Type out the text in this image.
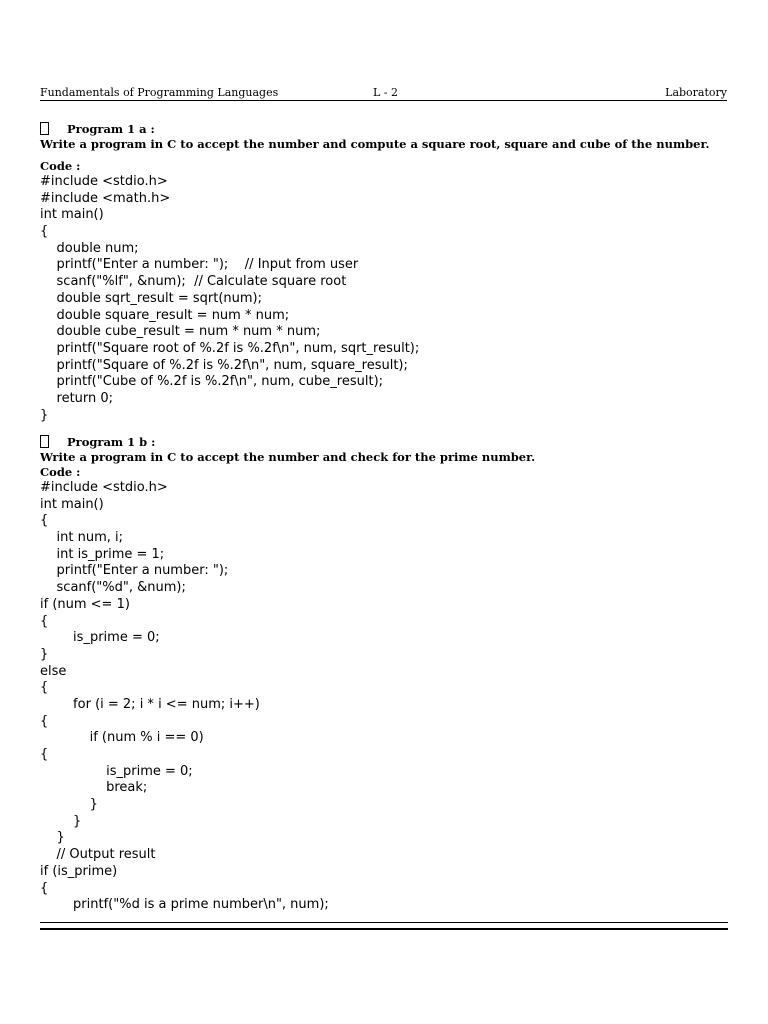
Fundamentals of Programming Languages	L - 2	Laboratory
Program 1 a :
Write a program in C to accept the number and compute a square root, square and cube of the number.
Code :
#include <stdio.h>
#include <math.h>
int main()
{
double num;
printf("Enter a number: ");    // Input from user
scanf("%lf", &num);  // Calculate square root
double sqrt_result = sqrt(num);
double square_result = num * num;
double cube_result = num * num * num;
printf("Square root of %.2f is %.2f\n", num, sqrt_result);
printf("Square of %.2f is %.2f\n", num, square_result);
printf("Cube of %.2f is %.2f\n", num, cube_result);
return 0;
}
Program 1 b :
Write a program in C to accept the number and check for the prime number.
Code :
#include <stdio.h>
int main()
{
int num, i;
int is_prime = 1;
printf("Enter a number: ");
scanf("%d", &num);
if (num <= 1)
{
is_prime = 0;
}
else
{
for (i = 2; i * i <= num; i++)
{
if (num % i == 0)
{
is_prime = 0;
break;
}
}
}
// Output result
if (is_prime)
{
printf("%d is a prime number\n", num);
